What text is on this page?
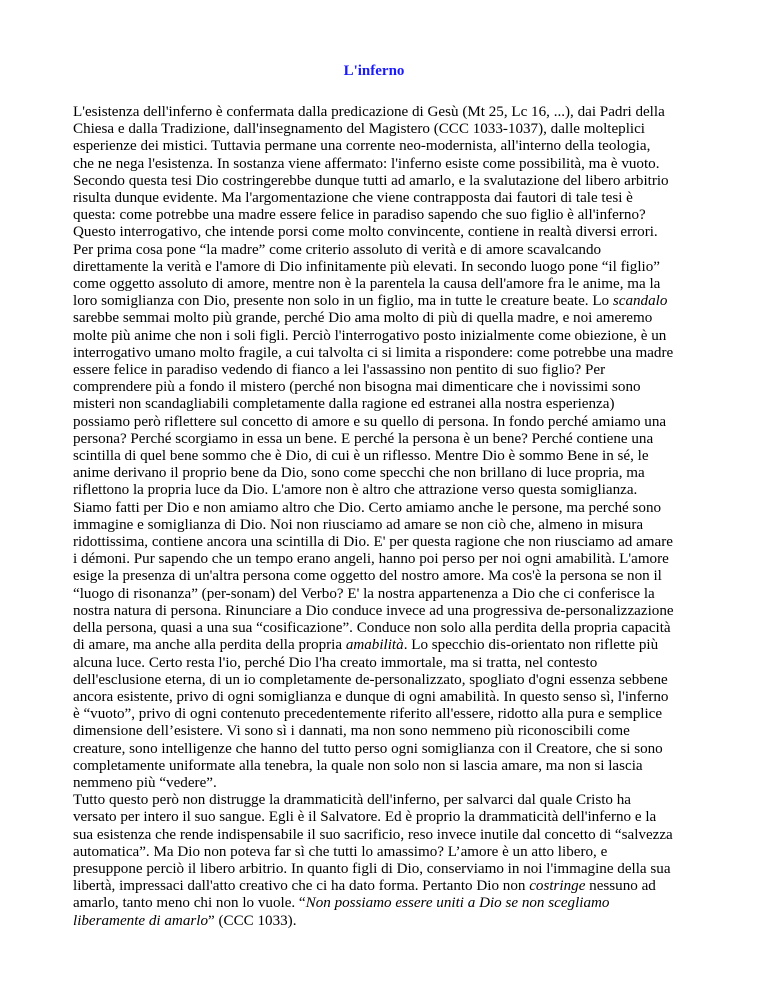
L'inferno
L'esistenza dell'inferno è confermata dalla predicazione di Gesù (Mt 25, Lc 16, ...), dai Padri della Chiesa e dalla Tradizione, dall'insegnamento del Magistero (CCC 1033-1037), dalle molteplici esperienze dei mistici. Tuttavia permane una corrente neo-modernista, all'interno della teologia, che ne nega l'esistenza. In sostanza viene affermato: l'inferno esiste come possibilità, ma è vuoto. Secondo questa tesi Dio costringerebbe dunque tutti ad amarlo, e la svalutazione del libero arbitrio risulta dunque evidente. Ma l'argomentazione che viene contrapposta dai fautori di tale tesi è questa: come potrebbe una madre essere felice in paradiso sapendo che suo figlio è all'inferno? Questo interrogativo, che intende porsi come molto convincente, contiene in realtà diversi errori. Per prima cosa pone “la madre” come criterio assoluto di verità e di amore scavalcando direttamente la verità e l'amore di Dio infinitamente più elevati. In secondo luogo pone “il figlio” come oggetto assoluto di amore, mentre non è la parentela la causa dell'amore fra le anime, ma la loro somiglianza con Dio, presente non solo in un figlio, ma in tutte le creature beate. Lo scandalo sarebbe semmai molto più grande, perché Dio ama molto di più di quella madre, e noi ameremo molte più anime che non i soli figli. Perciò l'interrogativo posto inizialmente come obiezione, è un interrogativo umano molto fragile, a cui talvolta ci si limita a rispondere: come potrebbe una madre essere felice in paradiso vedendo di fianco a lei l'assassino non pentito di suo figlio? Per comprendere più a fondo il mistero (perché non bisogna mai dimenticare che i novissimi sono misteri non scandagliabili completamente dalla ragione ed estranei alla nostra esperienza) possiamo però riflettere sul concetto di amore e su quello di persona. In fondo perché amiamo una persona? Perché scorgiamo in essa un bene. E perché la persona è un bene? Perché contiene una scintilla di quel bene sommo che è Dio, di cui è un riflesso. Mentre Dio è sommo Bene in sé, le anime derivano il proprio bene da Dio, sono come specchi che non brillano di luce propria, ma riflettono la propria luce da Dio. L'amore non è altro che attrazione verso questa somiglianza. Siamo fatti per Dio e non amiamo altro che Dio. Certo amiamo anche le persone, ma perché sono immagine e somiglianza di Dio. Noi non riusciamo ad amare se non ciò che, almeno in misura ridottissima, contiene ancora una scintilla di Dio. E' per questa ragione che non riusciamo ad amare i démoni. Pur sapendo che un tempo erano angeli, hanno poi perso per noi ogni amabilità. L'amore esige la presenza di un'altra persona come oggetto del nostro amore. Ma cos'è la persona se non il “luogo di risonanza” (per-sonam) del Verbo? E' la nostra appartenenza a Dio che ci conferisce la nostra natura di persona. Rinunciare a Dio conduce invece ad una progressiva de-personalizzazione della persona, quasi a una sua “cosificazione”. Conduce non solo alla perdita della propria capacità di amare, ma anche alla perdita della propria amabilità. Lo specchio dis-orientato non riflette più alcuna luce. Certo resta l'io, perché Dio l'ha creato immortale, ma si tratta, nel contesto dell'esclusione eterna, di un io completamente de-personalizzato, spogliato d'ogni essenza sebbene ancora esistente, privo di ogni somiglianza e dunque di ogni amabilità. In questo senso sì, l'inferno è “vuoto”, privo di ogni contenuto precedentemente riferito all'essere, ridotto alla pura e semplice dimensione dell’esistere. Vi sono sì i dannati, ma non sono nemmeno più riconoscibili come creature, sono intelligenze che hanno del tutto perso ogni somiglianza con il Creatore, che si sono completamente uniformate alla tenebra, la quale non solo non si lascia amare, ma non si lascia nemmeno più “vedere”.
Tutto questo però non distrugge la drammaticità dell'inferno, per salvarci dal quale Cristo ha versato per intero il suo sangue. Egli è il Salvatore. Ed è proprio la drammaticità dell'inferno e la sua esistenza che rende indispensabile il suo sacrificio, reso invece inutile dal concetto di “salvezza automatica”. Ma Dio non poteva far sì che tutti lo amassimo? L’amore è un atto libero, e presuppone perciò il libero arbitrio. In quanto figli di Dio, conserviamo in noi l'immagine della sua libertà, impressaci dall'atto creativo che ci ha dato forma. Pertanto Dio non costringe nessuno ad amarlo, tanto meno chi non lo vuole. “Non possiamo essere uniti a Dio se non scegliamo liberamente di amarlo” (CCC 1033).
